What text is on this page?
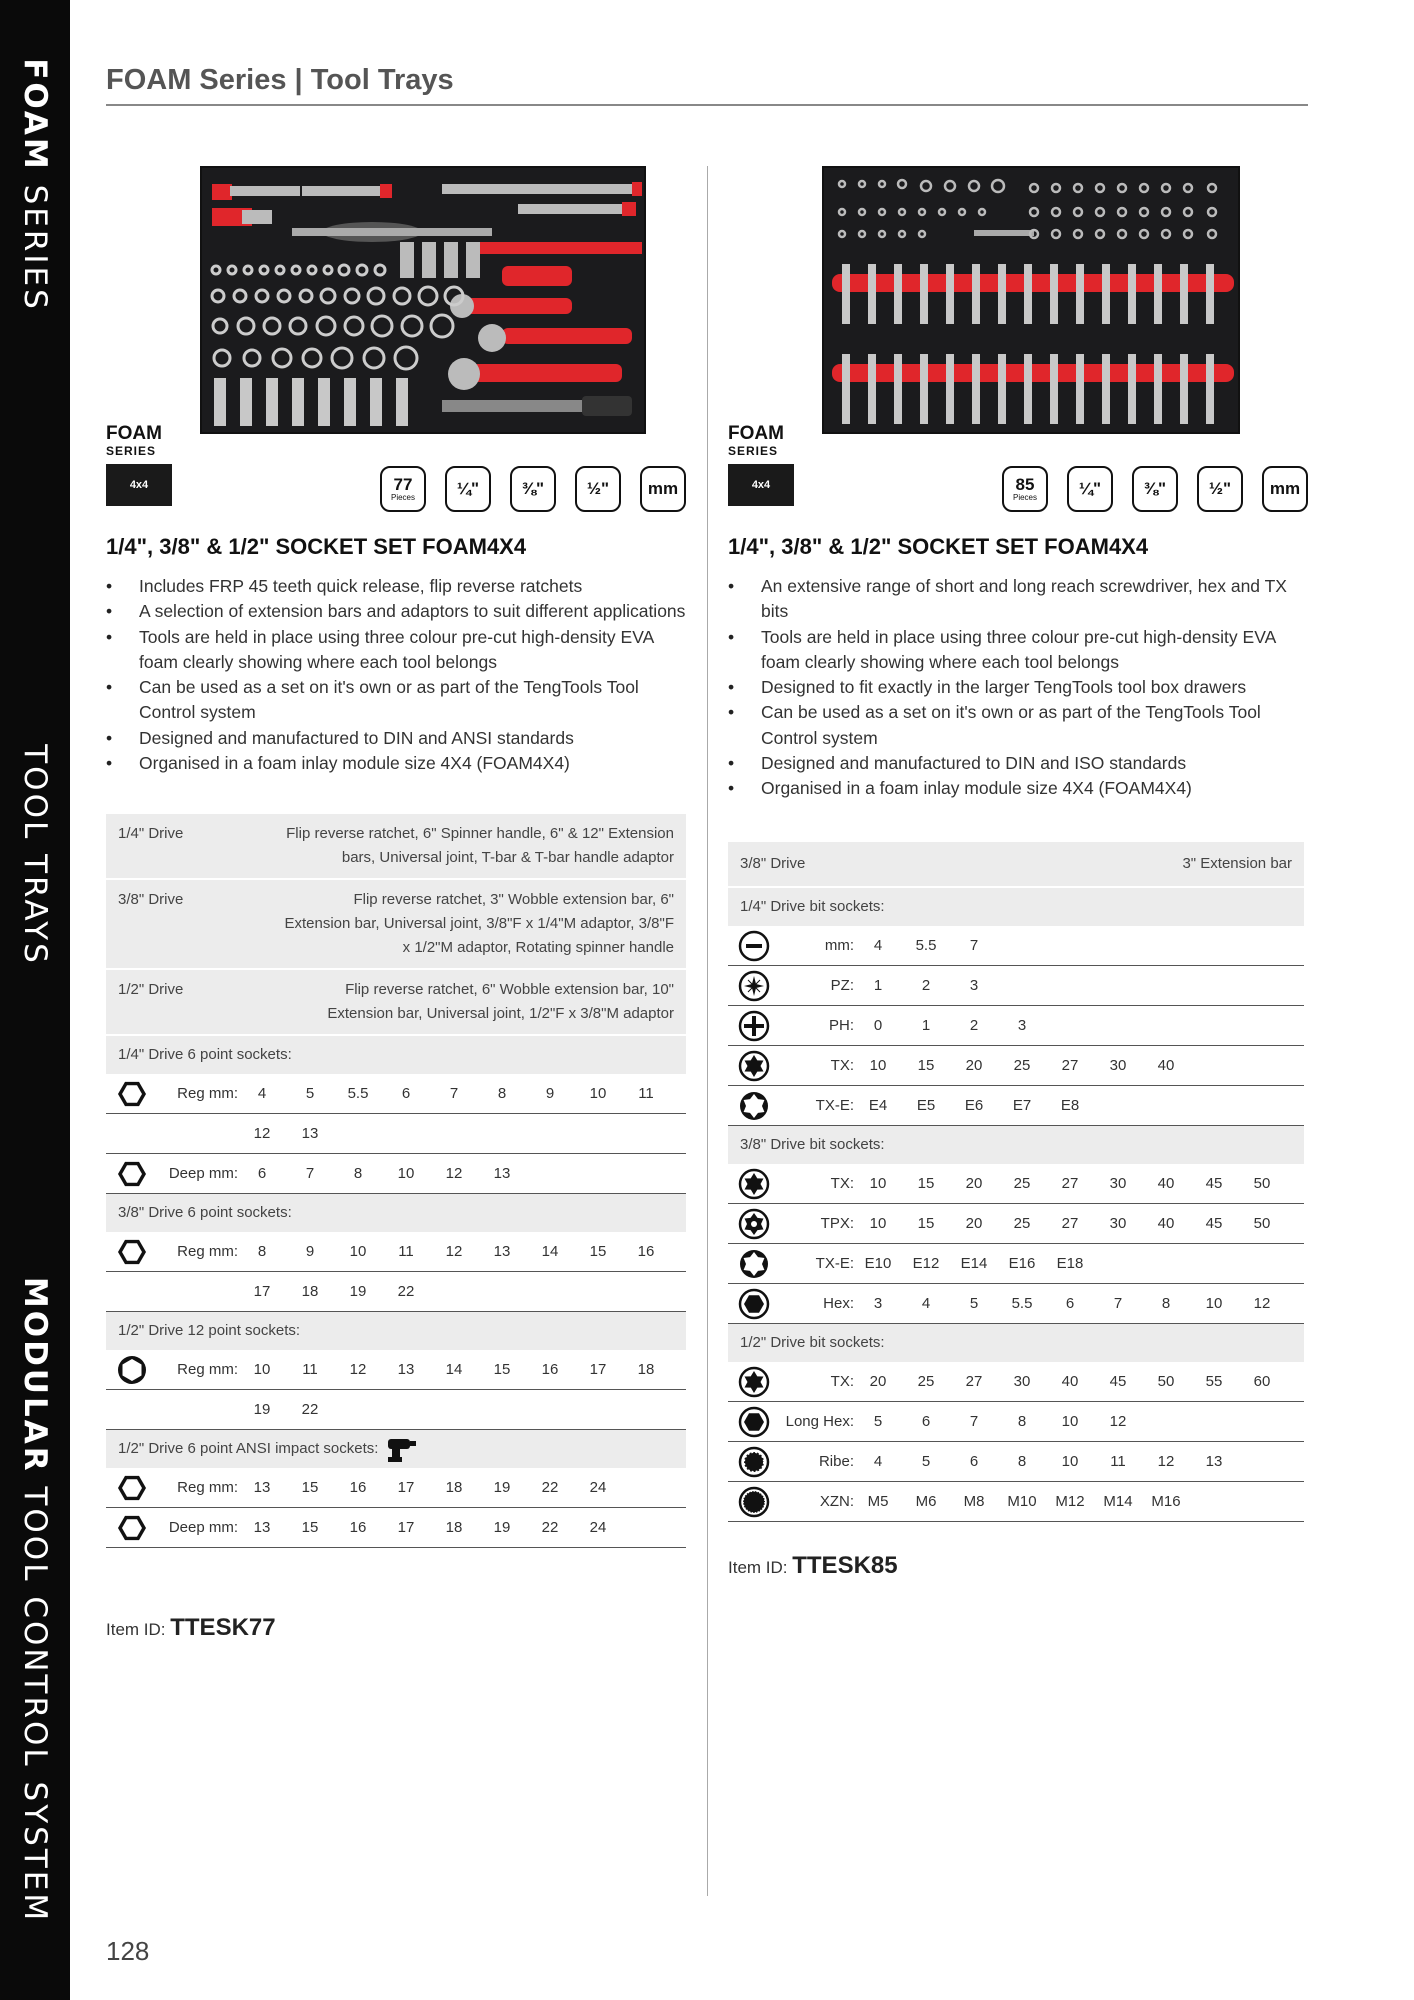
FOAM SERIES
TOOL TRAYS
MODULAR TOOL CONTROL SYSTEM
FOAM Series | Tool Trays
FOAM
SERIES
4x4	77
Pieces	¼"	⅜"	½"	mm
1/4", 3/8" & 1/2" SOCKET SET FOAM4X4
• Includes FRP 45 teeth quick release, flip reverse ratchets
• A selection of extension bars and adaptors to suit different applications
• Tools are held in place using three colour pre-cut high-density EVA foam clearly showing where each tool belongs
• Can be used as a set on it's own or as part of the TengTools Tool Control system
• Designed and manufactured to DIN and ANSI standards
• Organised in a foam inlay module size 4X4 (FOAM4X4)
1/4" Drive	Flip reverse ratchet, 6" Spinner handle, 6" & 12" Extension bars, Universal joint, T-bar & T-bar handle adaptor
3/8" Drive	Flip reverse ratchet, 3" Wobble extension bar, 6" Extension bar, Universal joint, 3/8"F x 1/4"M adaptor, 3/8"F x 1/2"M adaptor, Rotating spinner handle
1/2" Drive	Flip reverse ratchet, 6" Wobble extension bar, 10" Extension bar, Universal joint, 1/2"F x 3/8"M adaptor
1/4" Drive 6 point sockets:
Reg mm:	4	5	5.5	6	7	8	9	10	11
12	13
Deep mm:	6	7	8	10	12	13
3/8" Drive 6 point sockets:
Reg mm:	8	9	10	11	12	13	14	15	16
17	18	19	22
1/2" Drive 12 point sockets:
Reg mm:	10	11	12	13	14	15	16	17	18
19	22
1/2" Drive 6 point ANSI impact sockets:
Reg mm:	13	15	16	17	18	19	22	24
Deep mm:	13	15	16	17	18	19	22	24
Item ID: TTESK77
FOAM
SERIES
4x4	85
Pieces	¼"	⅜"	½"	mm
1/4", 3/8" & 1/2" SOCKET SET FOAM4X4
• An extensive range of short and long reach screwdriver, hex and TX bits
• Tools are held in place using three colour pre-cut high-density EVA foam clearly showing where each tool belongs
• Designed to fit exactly in the larger TengTools tool box drawers
• Can be used as a set on it's own or as part of the TengTools Tool Control system
• Designed and manufactured to DIN and ISO standards
• Organised in a foam inlay module size 4X4 (FOAM4X4)
3/8" Drive	3" Extension bar
1/4" Drive bit sockets:
mm:	4	5.5	7
PZ:	1	2	3
PH:	0	1	2	3
TX:	10	15	20	25	27	30	40
TX-E: E4	E5	E6	E7	E8
3/8" Drive bit sockets:
TX:	10	15	20	25	27	30	40	45	50
TPX:	10	15	20	25	27	30	40	45	50
TX-E: E10	E12	E14	E16	E18
Hex:	3	4	5	5.5	6	7	8	10	12
1/2" Drive bit sockets:
TX:	20	25	27	30	40	45	50	55	60
Long Hex:	5	6	7	8	10	12
Ribe:	4	5	6	8	10	11	12	13
XZN: M5	M6	M8	M10	M12	M14	M16
Item ID: TTESK85
128
